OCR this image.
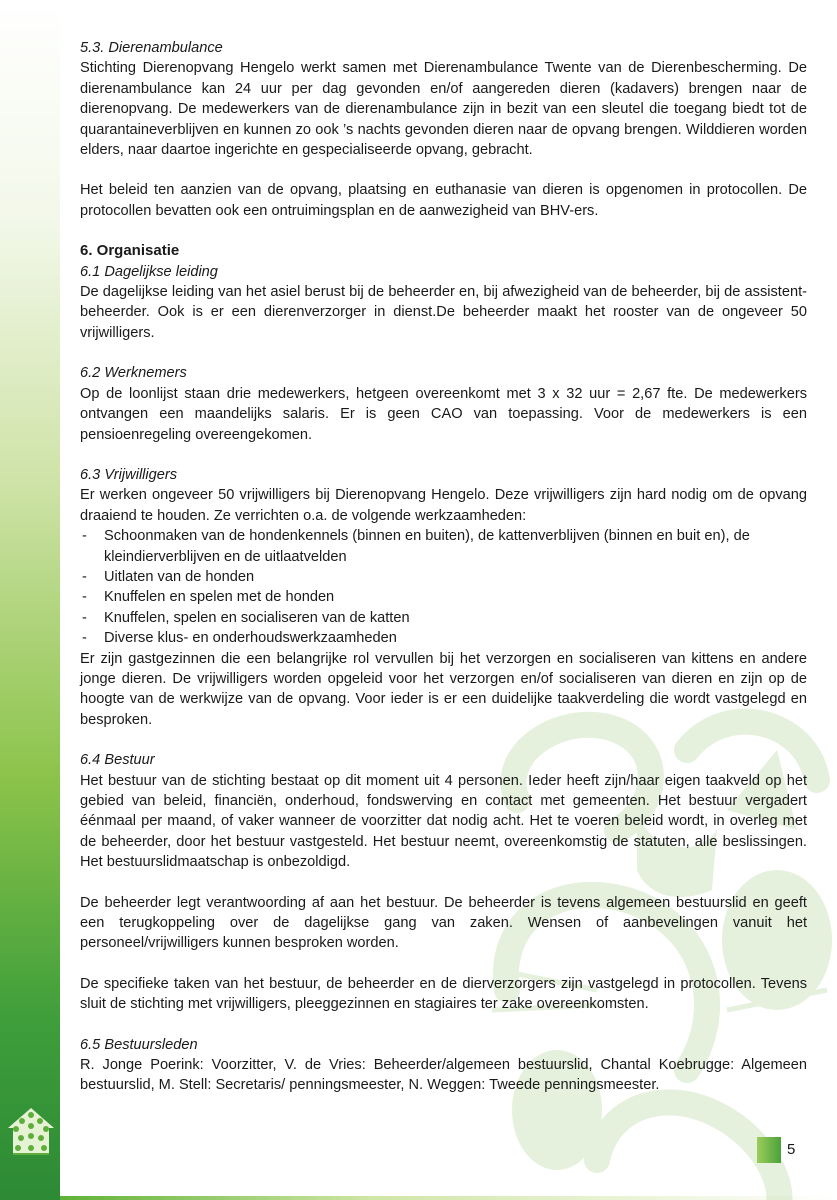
5

5.3. Dierenambulance

Stichting Dierenopvang Hengelo werkt samen met Dierenambulance Twente van de Dierenbescherming. De dierenambulance kan 24 uur per dag gevonden en/of aangereden dieren (kadavers) brengen naar de dierenopvang. De medewerkers van de dierenambulance zijn in bezit van een sleutel die toegang biedt tot de quarantaineverblijven en kunnen zo ook ’s nachts gevonden dieren naar de opvang brengen. Wilddieren worden elders, naar daartoe ingerichte en gespecialiseerde opvang, gebracht.

Het beleid ten aanzien van de opvang, plaatsing en euthanasie van dieren is opgenomen in protocollen. De protocollen bevatten ook een ontruimingsplan en de aanwezigheid van BHV-ers.

6. Organisatie

6.1 Dagelijkse leiding

De dagelijkse leiding van het asiel berust bij de beheerder en, bij afwezigheid van de beheerder, bij de assistent-beheerder. Ook is er een dierenverzorger in dienst.De beheerder maakt het rooster van de ongeveer 50 vrijwilligers.

6.2 Werknemers

Op de loonlijst staan drie medewerkers, hetgeen overeenkomt met 3 x 32 uur = 2,67 fte. De medewerkers ontvangen een maandelijks salaris. Er is geen CAO van toepassing. Voor de medewerkers is een pensioenregeling overeengekomen.

6.3 Vrijwilligers

Er werken ongeveer 50 vrijwilligers bij Dierenopvang Hengelo. Deze vrijwilligers zijn hard nodig om de opvang draaiend te houden. Ze verrichten o.a. de volgende werkzaamheden:

- Schoonmaken van de hondenkennels (binnen en buiten), de kattenverblijven (binnen en buit en), de kleindierverblijven en de uitlaatvelden
- Uitlaten van de honden
- Knuffelen en spelen met de honden
- Knuffelen, spelen en socialiseren van de katten
- Diverse klus- en onderhoudswerkzaamheden

Er zijn gastgezinnen die een belangrijke rol vervullen bij het verzorgen en socialiseren van kittens en andere jonge dieren. De vrijwilligers worden opgeleid voor het verzorgen en/of socialiseren van dieren en zijn op de hoogte van de werkwijze van de opvang. Voor ieder is er een duidelijke taakverdeling die wordt vastgelegd en besproken.

6.4 Bestuur

Het bestuur van de stichting bestaat op dit moment uit 4 personen. Ieder heeft zijn/haar eigen taakveld op het gebied van beleid, financiën, onderhoud, fondswerving en contact met gemeenten. Het bestuur vergadert éénmaal per maand, of vaker wanneer de voorzitter dat nodig acht. Het te voeren beleid wordt, in overleg met de beheerder, door het bestuur vastgesteld. Het bestuur neemt, overeenkomstig de statuten, alle beslissingen. Het bestuurslidmaatschap is onbezoldigd.

De beheerder legt verantwoording af aan het bestuur. De beheerder is tevens algemeen bestuurslid en geeft een terugkoppeling over de dagelijkse gang van zaken. Wensen of aanbevelingen vanuit het personeel/vrijwilligers kunnen besproken worden.

De specifieke taken van het bestuur, de beheerder en de dierverzorgers zijn vastgelegd in protocollen. Tevens sluit de stichting met vrijwilligers, pleeggezinnen en stagiaires ter zake overeenkomsten.

6.5 Bestuursleden

R. Jonge Poerink: Voorzitter, V. de Vries: Beheerder/algemeen bestuurslid, Chantal Koebrugge: Algemeen bestuurslid, M. Stell: Secretaris/ penningsmeester, N. Weggen: Tweede penningsmeester.
